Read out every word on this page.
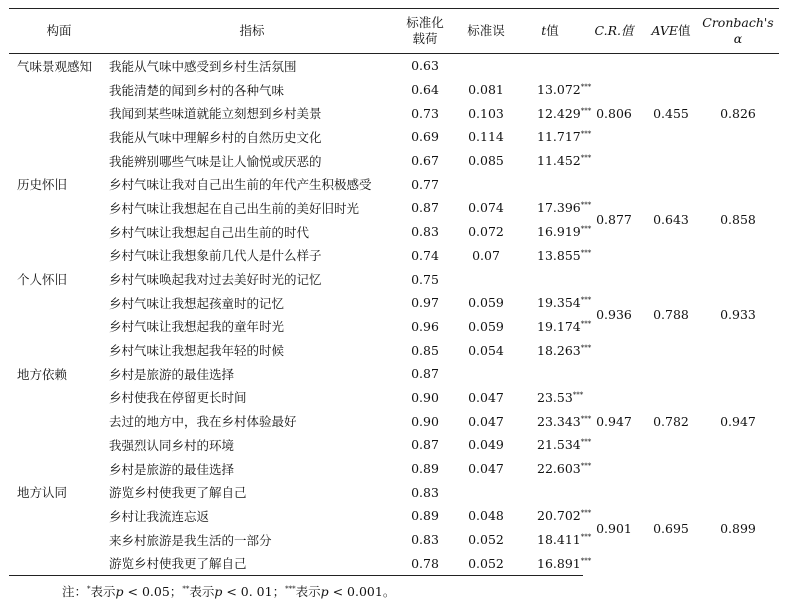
构面	指标	标准化
载荷	标准误	t值	C.R.值	AVE值	Cronbach's α
气味景观感知	我能从气味中感受到乡村生活氛围	0.63			0.806	0.455	0.826
	我能清楚的闻到乡村的各种气味	0.64	0.081	13.072***
	我闻到某些味道就能立刻想到乡村美景	0.73	0.103	12.429***
	我能从气味中理解乡村的自然历史文化	0.69	0.114	11.717***
	我能辨别哪些气味是让人愉悦或厌恶的	0.67	0.085	11.452***
历史怀旧	乡村气味让我对自己出生前的年代产生积极感受	0.77			0.877	0.643	0.858
	乡村气味让我想起在自己出生前的美好旧时光	0.87	0.074	17.396***
	乡村气味让我想起自己出生前的时代	0.83	0.072	16.919***
	乡村气味让我想象前几代人是什么样子	0.74	0.07	13.855***
个人怀旧	乡村气味唤起我对过去美好时光的记忆	0.75			0.936	0.788	0.933
	乡村气味让我想起孩童时的记忆	0.97	0.059	19.354***
	乡村气味让我想起我的童年时光	0.96	0.059	19.174***
	乡村气味让我想起我年轻的时候	0.85	0.054	18.263***
地方依赖	乡村是旅游的最佳选择	0.87			0.947	0.782	0.947
	乡村使我在停留更长时间	0.90	0.047	23.53***
	去过的地方中，我在乡村体验最好	0.90	0.047	23.343***
	我强烈认同乡村的环境	0.87	0.049	21.534***
	乡村是旅游的最佳选择	0.89	0.047	22.603***
地方认同	游览乡村使我更了解自己	0.83			0.901	0.695	0.899
	乡村让我流连忘返	0.89	0.048	20.702***
	来乡村旅游是我生活的一部分	0.83	0.052	18.411***
	游览乡村使我更了解自己	0.78	0.052	16.891***
注：*表示p < 0.05；**表示p < 0. 01；***表示p < 0.001。
